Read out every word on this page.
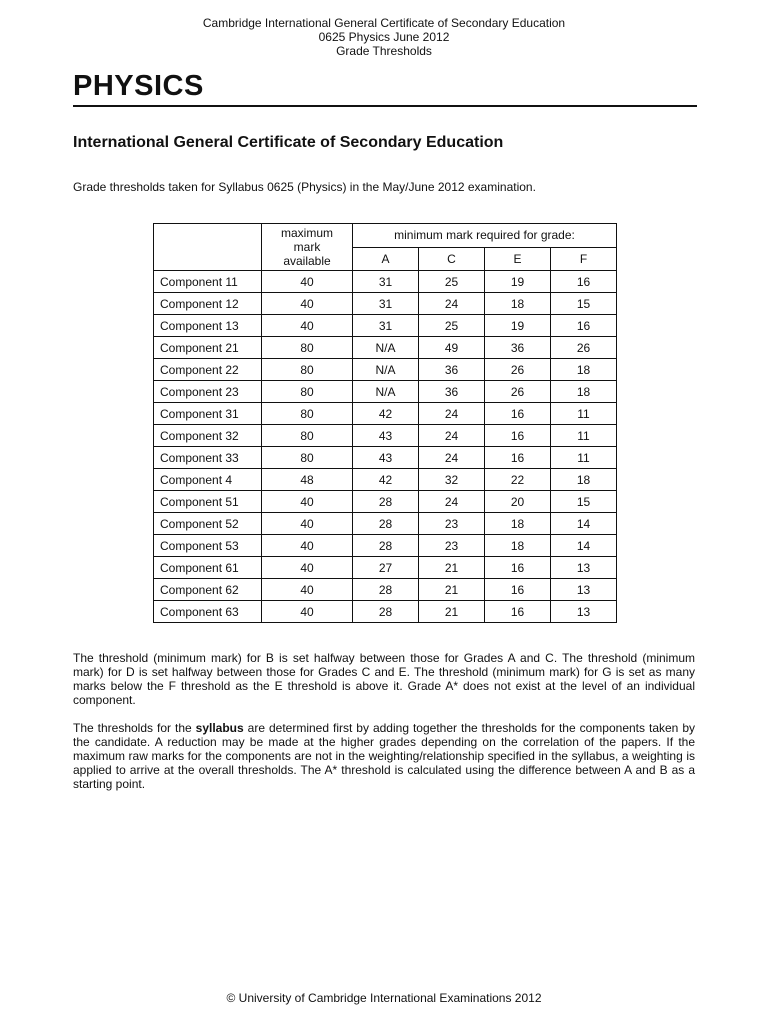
Cambridge International General Certificate of Secondary Education
0625 Physics June 2012
Grade Thresholds
PHYSICS
International General Certificate of Secondary Education
Grade thresholds taken for Syllabus 0625 (Physics) in the May/June 2012 examination.

	maximum
mark
available	minimum mark required for grade:			
		A	C	E	F
Component 11	40	31	25	19	16
Component 12	40	31	24	18	15
Component 13	40	31	25	19	16
Component 21	80	N/A	49	36	26
Component 22	80	N/A	36	26	18
Component 23	80	N/A	36	26	18
Component 31	80	42	24	16	11
Component 32	80	43	24	16	11
Component 33	80	43	24	16	11
Component 4	48	42	32	22	18
Component 51	40	28	24	20	15
Component 52	40	28	23	18	14
Component 53	40	28	23	18	14
Component 61	40	27	21	16	13
Component 62	40	28	21	16	13
Component 63	40	28	21	16	13
The threshold (minimum mark) for B is set halfway between those for Grades A and C. The threshold (minimum mark) for D is set halfway between those for Grades C and E. The threshold (minimum mark) for G is set as many marks below the F threshold as the E threshold is above it. Grade A* does not exist at the level of an individual component.
The thresholds for the syllabus are determined first by adding together the thresholds for the components taken by the candidate. A reduction may be made at the higher grades depending on the correlation of the papers. If the maximum raw marks for the components are not in the weighting/relationship specified in the syllabus, a weighting is applied to arrive at the overall thresholds. The A* threshold is calculated using the difference between A and B as a starting point.
© University of Cambridge International Examinations 2012
